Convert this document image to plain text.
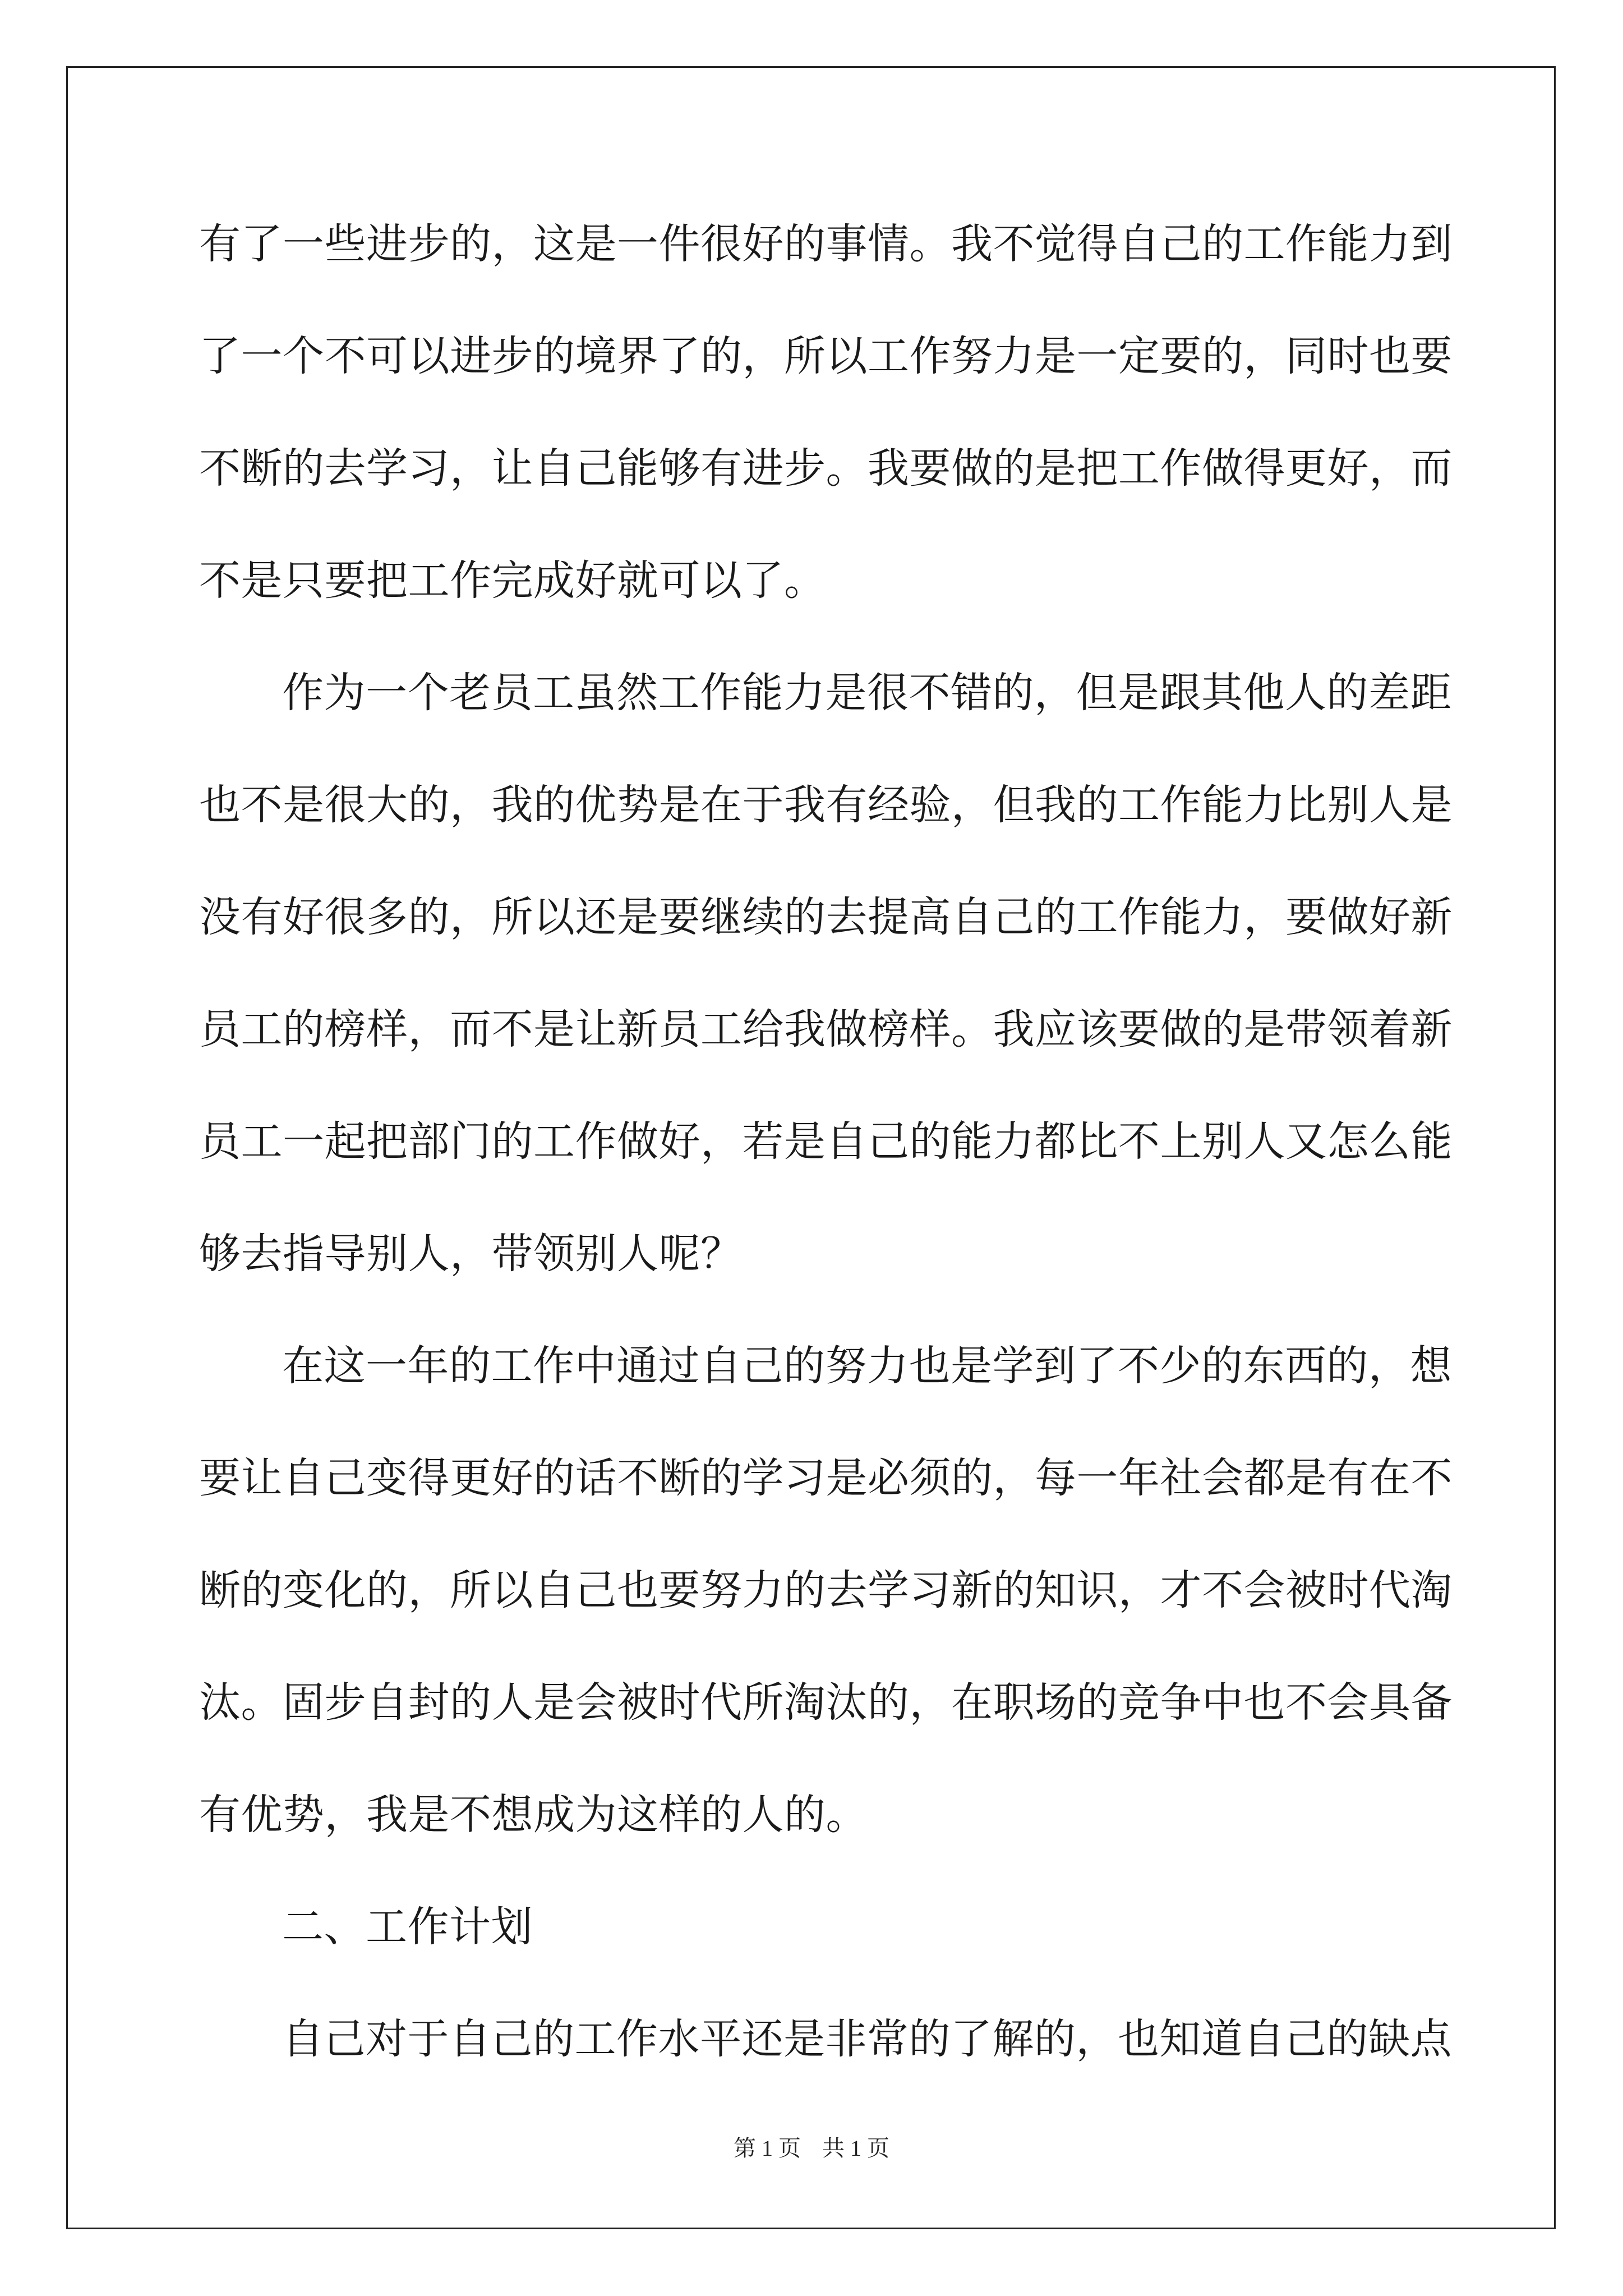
有了一些进步的，这是一件很好的事情。我不觉得自己的工作能力到
了一个不可以进步的境界了的，所以工作努力是一定要的，同时也要
不断的去学习，让自己能够有进步。我要做的是把工作做得更好，而
不是只要把工作完成好就可以了。
作为一个老员工虽然工作能力是很不错的，但是跟其他人的差距
也不是很大的，我的优势是在于我有经验，但我的工作能力比别人是
没有好很多的，所以还是要继续的去提高自己的工作能力，要做好新
员工的榜样，而不是让新员工给我做榜样。我应该要做的是带领着新
员工一起把部门的工作做好，若是自己的能力都比不上别人又怎么能
够去指导别人，带领别人呢？
在这一年的工作中通过自己的努力也是学到了不少的东西的，想
要让自己变得更好的话不断的学习是必须的，每一年社会都是有在不
断的变化的，所以自己也要努力的去学习新的知识，才不会被时代淘
汰。固步自封的人是会被时代所淘汰的，在职场的竞争中也不会具备
有优势，我是不想成为这样的人的。
二、工作计划
自己对于自己的工作水平还是非常的了解的，也知道自己的缺点
第 1 页 共 1 页
